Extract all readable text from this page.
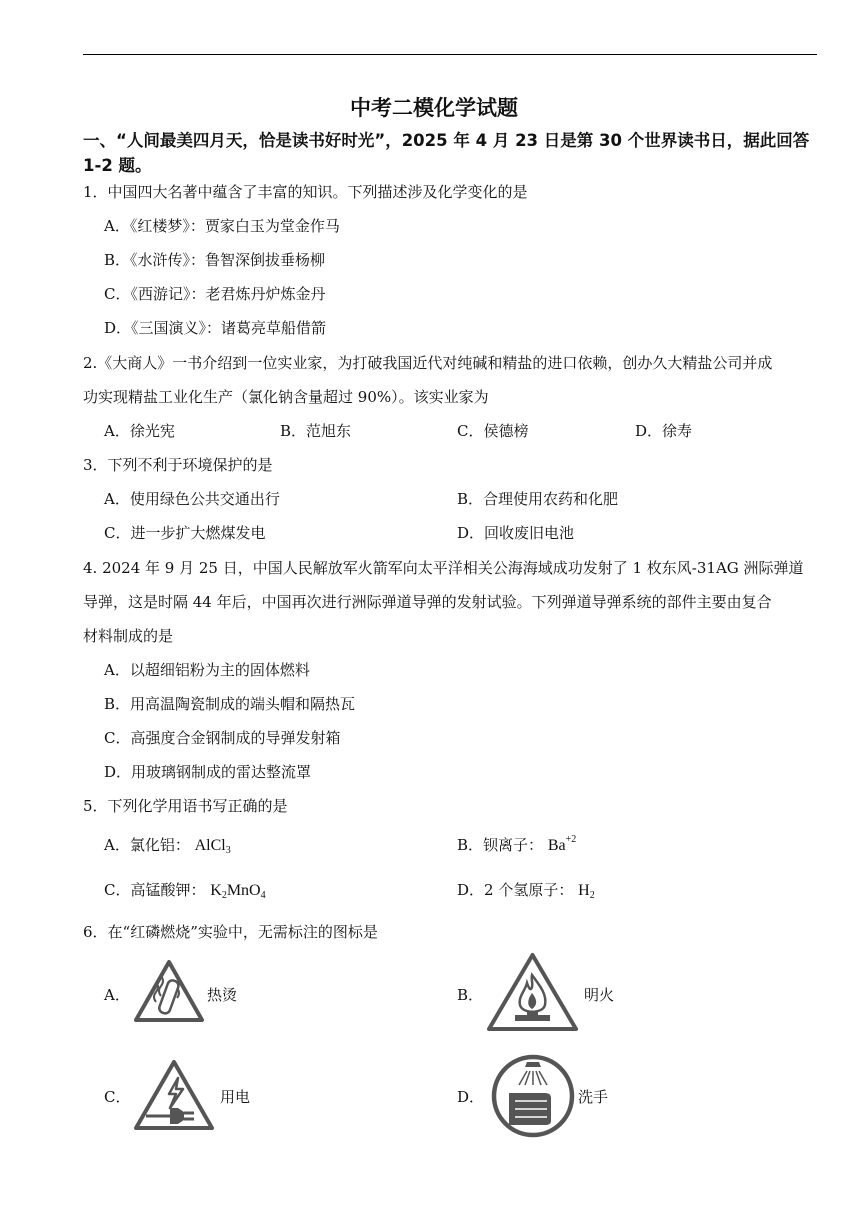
中考二模化学试题
一、“人间最美四月天，恰是读书好时光”，2025 年 4 月 23 日是第 30 个世界读书日，据此回答 1-2 题。
1．中国四大名著中蕴含了丰富的知识。下列描述涉及化学变化的是
A．《红楼梦》：贾家白玉为堂金作马
B．《水浒传》：鲁智深倒拔垂杨柳
C．《西游记》：老君炼丹炉炼金丹
D．《三国演义》：诸葛亮草船借箭
2.《大商人》一书介绍到一位实业家，为打破我国近代对纯碱和精盐的进口依赖，创办久大精盐公司并成
功实现精盐工业化生产（氯化钠含量超过 90%）。该实业家为
A．徐光宪	B．范旭东	C．侯德榜	D．徐寿
3．下列不利于环境保护的是
A．使用绿色公共交通出行	B．合理使用农药和化肥
C．进一步扩大燃煤发电	D．回收废旧电池
4. 2024 年 9 月 25 日，中国人民解放军火箭军向太平洋相关公海海域成功发射了 1 枚东风-31AG 洲际弹道
导弹，这是时隔 44 年后，中国再次进行洲际弹道导弹的发射试验。下列弹道导弹系统的部件主要由复合
材料制成的是
A．以超细铝粉为主的固体燃料
B．用高温陶瓷制成的端头帽和隔热瓦
C．高强度合金钢制成的导弹发射箱
D．用玻璃钢制成的雷达整流罩
5．下列化学用语书写正确的是
A．氯化铝： AlCl$_3$	B．钡离子： $Ba^{+2}$
C．高锰酸钾： $K_2MnO_4$	D．2 个氢原子： $H_2$
6．在“红磷燃烧”实验中，无需标注的图标是
A．	热烫	B．	明火
C．	用电	D．	洗手
